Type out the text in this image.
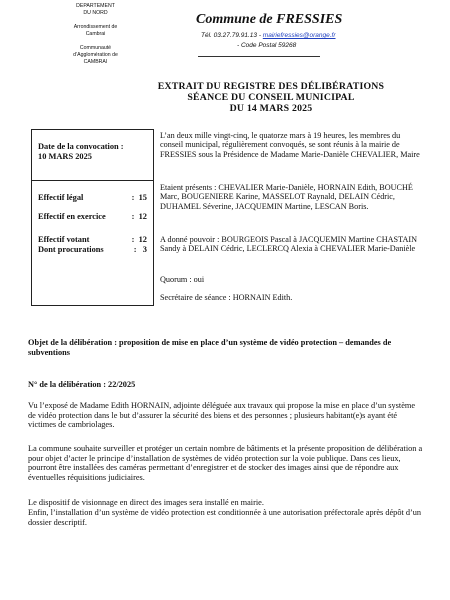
DEPARTEMENT
DU NORD
Arrondissement de
Cambrai
Communauté
d’Agglomération de
CAMBRAI
Commune de FRESSIES
Tél. 03.27.79.91.13 - mairiefressies@orange.fr
- Code Postal 59268
EXTRAIT DU REGISTRE DES DÉLIBÉRATIONS
SÉANCE DU CONSEIL MUNICIPAL
DU 14 MARS 2025
Date de la convocation :
10 MARS 2025
Effectif légal	:  15
Effectif en exercice	:  12
Effectif votant	:  12
Dont procurations	:   3

L’an deux mille vingt-cinq, le quatorze mars à 19 heures, les membres du conseil municipal, régulièrement convoqués, se sont réunis à la mairie de FRESSIES sous la Présidence de Madame Marie-Danièle CHEVALIER, Maire

Etaient présents : CHEVALIER Marie-Danièle, HORNAIN Edith, BOUCHÉ Marc, BOUGENIERE Karine, MASSELOT Raynald, DELAIN Cédric, DUHAMEL Séverine, JACQUEMIN Martine, LESCAN Boris.

A donné pouvoir : BOURGEOIS Pascal à JACQUEMIN Martine CHASTAIN Sandy à DELAIN Cédric, LECLERCQ Alexia à CHEVALIER Marie-Danièle

Quorum : oui

Secrétaire de séance : HORNAIN Edith.

Objet de la délibération : proposition de mise en place d’un système de vidéo protection – demandes de subventions

N° de la délibération : 22/2025

Vu l’exposé de Madame Edith HORNAIN, adjointe déléguée aux travaux qui propose la mise en place d’un système de vidéo protection dans le but d’assurer la sécurité des biens et des personnes ; plusieurs habitant(e)s ayant été victimes de cambriolages.

La commune souhaite surveiller et protéger un certain nombre de bâtiments et la présente proposition de délibération a pour objet d’acter le principe d’installation de systèmes de vidéo protection sur la voie publique. Dans ces lieux, pourront être installées des caméras permettant d’enregistrer et de stocker des images ainsi que de répondre aux éventuelles réquisitions judiciaires.

Le dispositif de visionnage en direct des images sera installé en mairie.

Enfin, l’installation d’un système de vidéo protection est conditionnée à une autorisation préfectorale après dépôt d’un dossier descriptif.
